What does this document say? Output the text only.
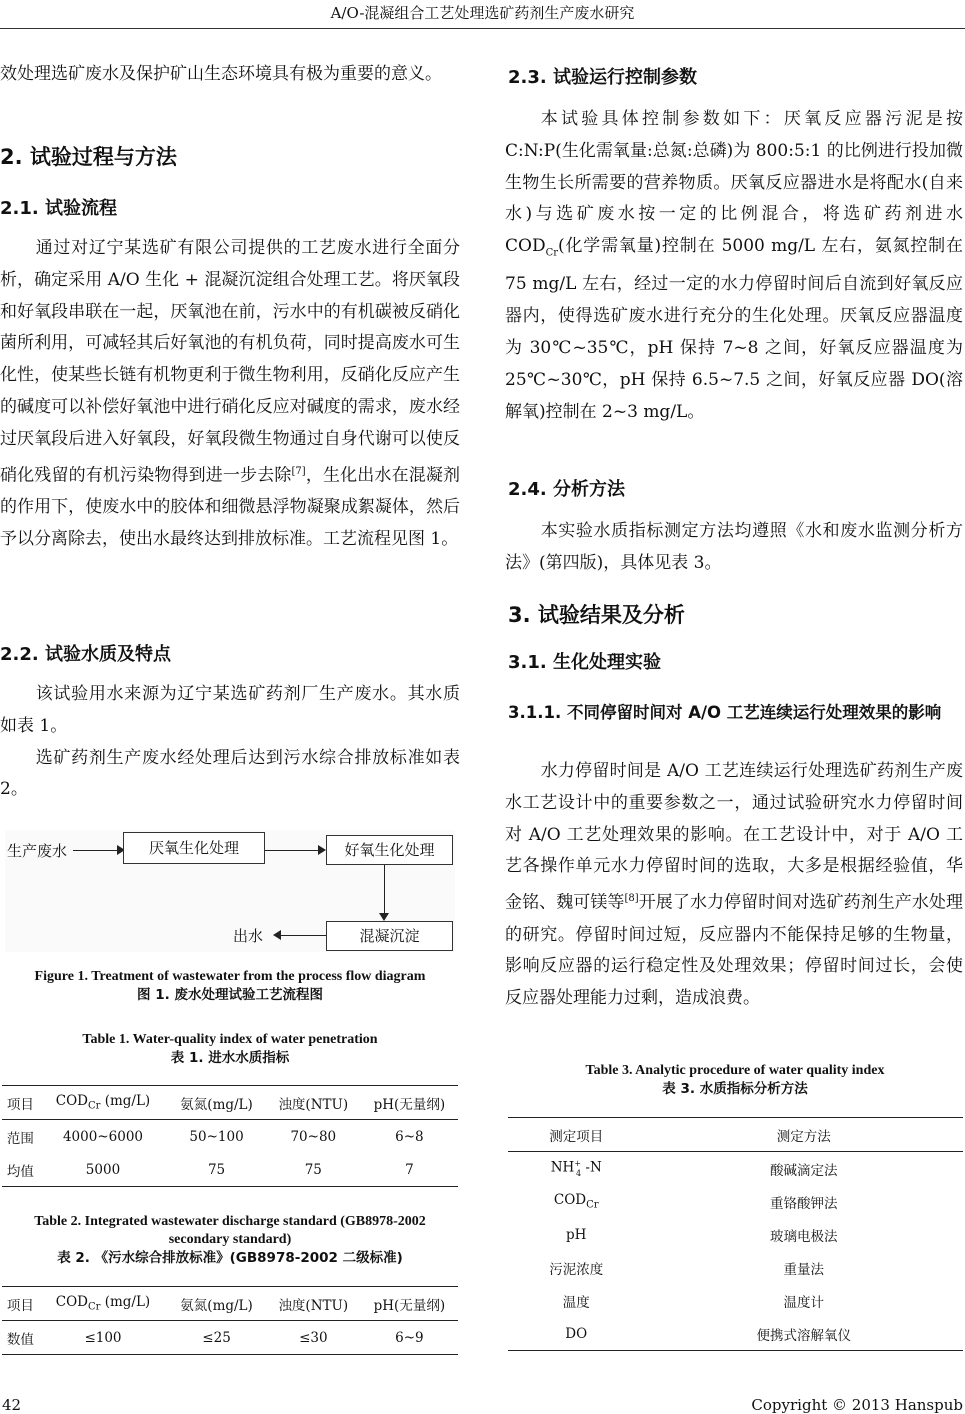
A/O-混凝组合工艺处理选矿药剂生产废水研究

效处理选矿废水及保护矿山生态环境具有极为重要的意义。

2. 试验过程与方法
2.1. 试验流程

通过对辽宁某选矿有限公司提供的工艺废水进行全面分析，确定采用 A/O 生化 + 混凝沉淀组合处理工艺。将厌氧段和好氧段串联在一起，厌氧池在前，污水中的有机碳被反硝化菌所利用，可减轻其后好氧池的有机负荷，同时提高废水可生化性，使某些长链有机物更利于微生物利用，反硝化反应产生的碱度可以补偿好氧池中进行硝化反应对碱度的需求，废水经过厌氧段后进入好氧段，好氧段微生物通过自身代谢可以使反硝化残留的有机污染物得到进一步去除[7]，生化出水在混凝剂的作用下，使废水中的胶体和细微悬浮物凝聚成絮凝体，然后予以分离除去，使出水最终达到排放标准。工艺流程见图 1。

2.2. 试验水质及特点

该试验用水来源为辽宁某选矿药剂厂生产废水。其水质如表 1。

选矿药剂生产废水经处理后达到污水综合排放标准如表 2。

生产废水	厌氧生化处理	好氧生化处理
混凝沉淀
出水
Figure 1. Treatment of wastewater from the process flow diagram
图 1. 废水处理试验工艺流程图
Table 1. Water-quality index of water penetration
表 1. 进水水质指标
项目	$COD_{Cr}$ (mg/L)	氨氮(mg/L)	浊度(NTU)	pH(无量纲)
范围	4000~6000	50~100	70~80	6~8
均值	5000	75	75	7
Table 2. Integrated wastewater discharge standard (GB8978-2002
secondary standard)
表 2. 《污水综合排放标准》(GB8978-2002 二级标准)
项目	$COD_{Cr}$ (mg/L)	氨氮(mg/L)	浊度(NTU)	pH(无量纲)
数值	≤100	≤25	≤30	6~9
2.3. 试验运行控制参数

本试验具体控制参数如下：厌氧反应器污泥是按 C:N:P(生化需氧量:总氮:总磷)为 800:5:1 的比例进行投加微生物生长所需要的营养物质。厌氧反应器进水是将配水(自来水)与选矿废水按一定的比例混合，将选矿药剂进水 $COD_{Cr}$(化学需氧量)控制在 5000 mg/L 左右，氨氮控制在 75 mg/L 左右，经过一定的水力停留时间后自流到好氧反应器内，使得选矿废水进行充分的生化处理。厌氧反应器温度为 30℃~35℃，pH 保持 7~8 之间，好氧反应器温度为 25℃~30℃，pH 保持 6.5~7.5 之间，好氧反应器 DO(溶解氧)控制在 2~3 mg/L。

2.4. 分析方法

本实验水质指标测定方法均遵照《水和废水监测分析方法》(第四版)，具体见表 3。

3. 试验结果及分析
3.1. 生化处理实验
3.1.1. 不同停留时间对 A/O 工艺连续运行处理效果的影响

水力停留时间是 A/O 工艺连续运行处理选矿药剂生产废水工艺设计中的重要参数之一，通过试验研究水力停留时间对 A/O 工艺处理效果的影响。在工艺设计中，对于 A/O 工艺各操作单元水力停留时间的选取，大多是根据经验值，华金铭、魏可镁等[8]开展了水力停留时间对选矿药剂生产水处理的研究。停留时间过短，反应器内不能保持足够的生物量，影响反应器的运行稳定性及处理效果；停留时间过长，会使反应器处理能力过剩，造成浪费。

Table 3. Analytic procedure of water quality index
表 3. 水质指标分析方法
测定项目	测定方法
$NH^+_4$ -N	酸碱滴定法
$COD_{Cr}$	重铬酸钾法
pH	玻璃电极法
污泥浓度	重量法
温度	温度计
DO	便携式溶解氧仪
42	Copyright © 2013 Hanspub
